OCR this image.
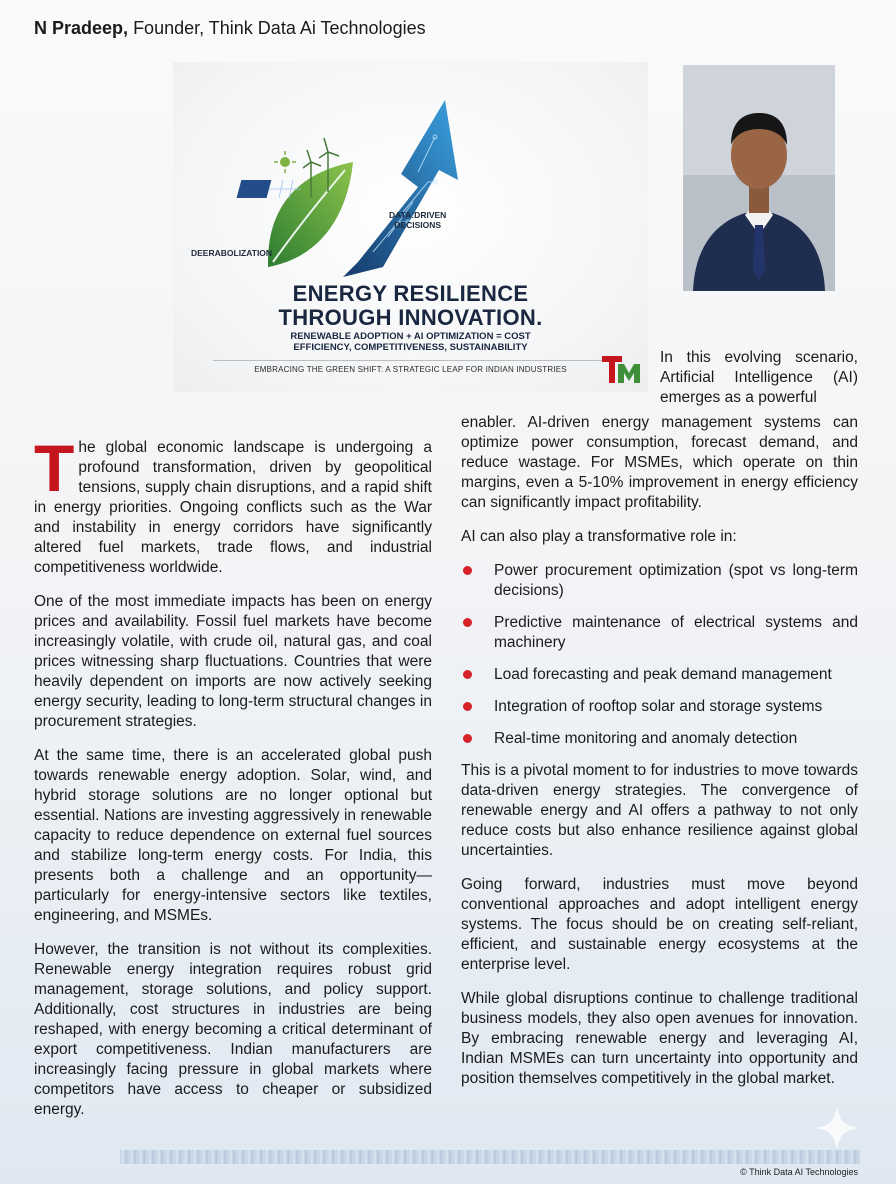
N Pradeep, Founder, Think Data Ai Technologies
DEERABOLIZATION
DATA:DRIVEN
DECISIONS
ENERGY RESILIENCE
THROUGH INNOVATION.
RENEWABLE ADOPTION + AI OPTIMIZATION = COST
EFFICIENCY, COMPETITIVENESS, SUSTAINABILITY
EMBRACING THE GREEN SHIFT: A STRATEGIC LEAP FOR INDIAN INDUSTRIES

The global economic landscape is undergoing a profound transformation, driven by geopolitical tensions, supply chain disruptions, and a rapid shift in energy priorities. Ongoing conflicts such as the War and instability in energy corridors have significantly altered fuel markets, trade flows, and industrial competitiveness worldwide.

One of the most immediate impacts has been on energy prices and availability. Fossil fuel markets have become increasingly volatile, with crude oil, natural gas, and coal prices witnessing sharp fluctuations. Countries that were heavily dependent on imports are now actively seeking energy security, leading to long-term structural changes in procurement strategies.

At the same time, there is an accelerated global push towards renewable energy adoption. Solar, wind, and hybrid storage solutions are no longer optional but essential. Nations are investing aggressively in renewable capacity to reduce dependence on external fuel sources and stabilize long-term energy costs. For India, this presents both a challenge and an opportunity—particularly for energy-intensive sectors like textiles, engineering, and MSMEs.

However, the transition is not without its complexities. Renewable energy integration requires robust grid management, storage solutions, and policy support. Additionally, cost structures in industries are being reshaped, with energy becoming a critical determinant of export competitiveness. Indian manufacturers are increasingly facing pressure in global markets where competitors have access to cheaper or subsidized energy.

In this evolving scenario, Artificial Intelligence (AI) emerges as a powerful

enabler. AI-driven energy management systems can optimize power consumption, forecast demand, and reduce wastage. For MSMEs, which operate on thin margins, even a 5-10% improvement in energy efficiency can significantly impact profitability.

AI can also play a transformative role in:

Power procurement optimization (spot vs long-term decisions)
Predictive maintenance of electrical systems and machinery
Load forecasting and peak demand management
Integration of rooftop solar and storage systems
Real-time monitoring and anomaly detection

This is a pivotal moment to for industries to move towards data-driven energy strategies. The convergence of renewable energy and AI offers a pathway to not only reduce costs but also enhance resilience against global uncertainties.

Going forward, industries must move beyond conventional approaches and adopt intelligent energy systems. The focus should be on creating self-reliant, efficient, and sustainable energy ecosystems at the enterprise level.

While global disruptions continue to challenge traditional business models, they also open avenues for innovation. By embracing renewable energy and leveraging AI, Indian MSMEs can turn uncertainty into opportunity and position themselves competitively in the global market.

© Think Data AI Technologies
